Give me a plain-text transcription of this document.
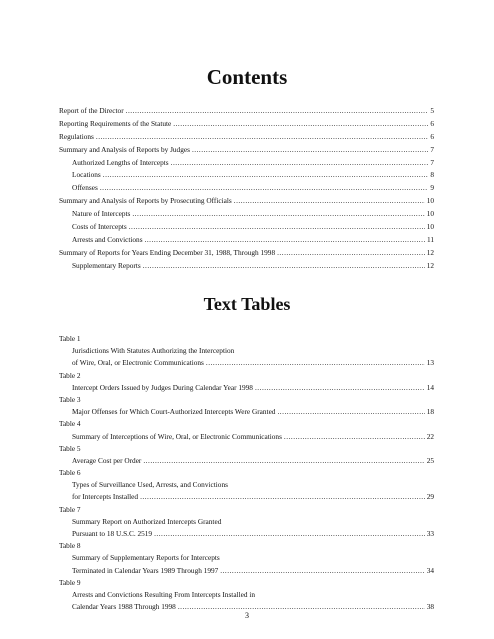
Contents
Report of the Director .....	5
Reporting Requirements of the Statute .....	6
Regulations .....	6
Summary and Analysis of Reports by Judges .....	7
Authorized Lengths of Intercepts .....	7
Locations .....	8
Offenses .....	9
Summary and Analysis of Reports by Prosecuting Officials .....	10
Nature of Intercepts .....	10
Costs of Intercepts .....	10
Arrests and Convictions .....	11
Summary of Reports for Years Ending December 31, 1988, Through 1998 .....	12
Supplementary Reports .....	12
Text Tables
Table 1
Jurisdictions With Statutes Authorizing the Interception
of Wire, Oral, or Electronic Communications .....	13
Table 2
Intercept Orders Issued by Judges During Calendar Year 1998 .....	14
Table 3
Major Offenses for Which Court-Authorized Intercepts Were Granted .....	18
Table 4
Summary of Interceptions of Wire, Oral, or Electronic Communications .....	22
Table 5
Average Cost per Order .....	25
Table 6
Types of Surveillance Used, Arrests, and Convictions
for Intercepts Installed .....	29
Table 7
Summary Report on Authorized Intercepts Granted
Pursuant to 18 U.S.C. 2519 .....	33
Table 8
Summary of Supplementary Reports for Intercepts
Terminated in Calendar Years 1989 Through 1997 .....	34
Table 9
Arrests and Convictions Resulting From Intercepts Installed in
Calendar Years 1988 Through 1998 .....	38
3
